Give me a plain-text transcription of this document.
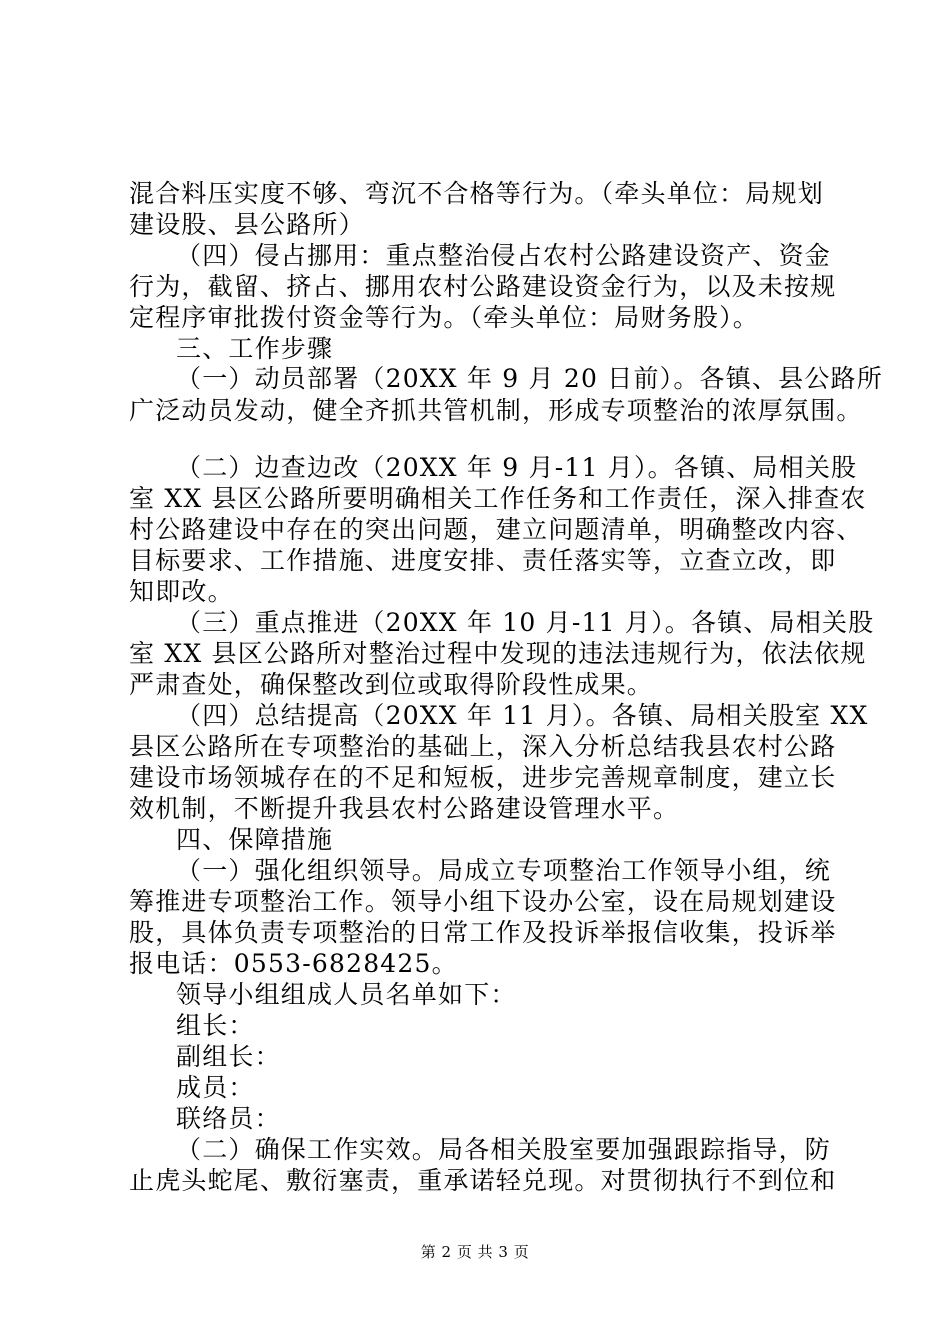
混合料压实度不够、弯沉不合格等行为。（牵头单位：局规划
建设股、县公路所）
（四）侵占挪用：重点整治侵占农村公路建设资产、资金
行为，截留、挤占、挪用农村公路建设资金行为，以及未按规
定程序审批拨付资金等行为。（牵头单位：局财务股）。
三、工作步骤
（一）动员部署（20XX 年 9 月 20 日前）。各镇、县公路所
广泛动员发动，健全齐抓共管机制，形成专项整治的浓厚氛围。
（二）边查边改（20XX 年 9 月-11 月）。各镇、局相关股
室 XX 县区公路所要明确相关工作任务和工作责任，深入排查农
村公路建设中存在的突出问题，建立问题清单，明确整改内容、
目标要求、工作措施、进度安排、责任落实等，立查立改，即
知即改。
（三）重点推进（20XX 年 10 月-11 月）。各镇、局相关股
室 XX 县区公路所对整治过程中发现的违法违规行为，依法依规
严肃查处，确保整改到位或取得阶段性成果。
（四）总结提高（20XX 年 11 月）。各镇、局相关股室 XX
县区公路所在专项整治的基础上，深入分析总结我县农村公路
建设市场领城存在的不足和短板，进步完善规章制度，建立长
效机制，不断提升我县农村公路建设管理水平。
四、保障措施
（一）强化组织领导。局成立专项整治工作领导小组，统
筹推进专项整治工作。领导小组下设办公室，设在局规划建设
股，具体负责专项整治的日常工作及投诉举报信收集，投诉举
报电话：0553-6828425。
领导小组组成人员名单如下：
组长：
副组长：
成员：
联络员：
（二）确保工作实效。局各相关股室要加强跟踪指导，防
止虎头蛇尾、敷衍塞责，重承诺轻兑现。对贯彻执行不到位和
第 2 页 共 3 页
